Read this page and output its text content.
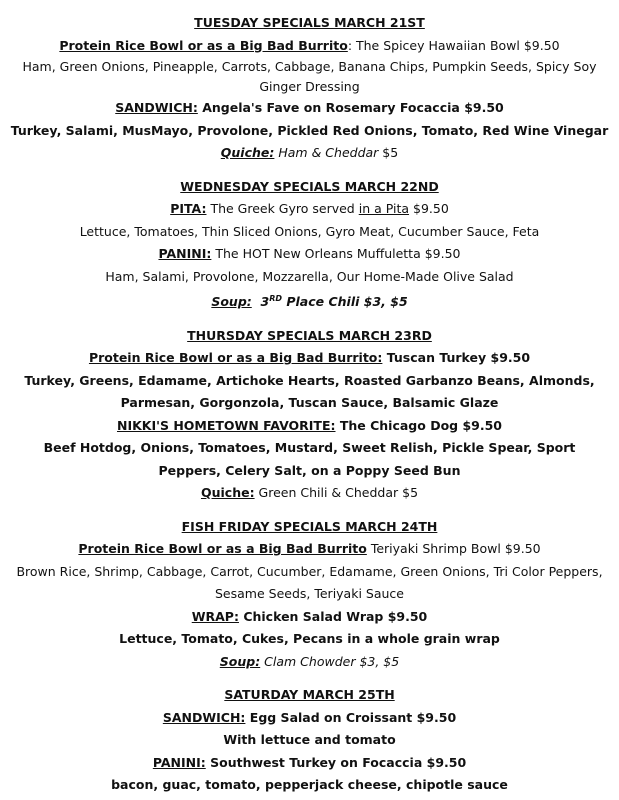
TUESDAY SPECIALS MARCH 21ST
Protein Rice Bowl or as a Big Bad Burrito: The Spicey Hawaiian Bowl $9.50
Ham, Green Onions, Pineapple, Carrots, Cabbage, Banana Chips, Pumpkin Seeds, Spicy Soy Ginger Dressing
SANDWICH: Angela's Fave on Rosemary Focaccia $9.50
Turkey, Salami, MusMayo, Provolone, Pickled Red Onions, Tomato, Red Wine Vinegar
Quiche: Ham & Cheddar $5
WEDNESDAY SPECIALS MARCH 22ND
PITA: The Greek Gyro served in a Pita $9.50
Lettuce, Tomatoes, Thin Sliced Onions, Gyro Meat, Cucumber Sauce, Feta
PANINI: The HOT New Orleans Muffuletta $9.50
Ham, Salami, Provolone, Mozzarella, Our Home-Made Olive Salad
Soup: 3RD Place Chili $3, $5
THURSDAY SPECIALS MARCH 23RD
Protein Rice Bowl or as a Big Bad Burrito: Tuscan Turkey $9.50
Turkey, Greens, Edamame, Artichoke Hearts, Roasted Garbanzo Beans, Almonds,
Parmesan, Gorgonzola, Tuscan Sauce, Balsamic Glaze
NIKKI'S HOMETOWN FAVORITE: The Chicago Dog $9.50
Beef Hotdog, Onions, Tomatoes, Mustard, Sweet Relish, Pickle Spear, Sport
Peppers, Celery Salt, on a Poppy Seed Bun
Quiche: Green Chili & Cheddar $5
FISH FRIDAY SPECIALS MARCH 24TH
Protein Rice Bowl or as a Big Bad Burrito Teriyaki Shrimp Bowl $9.50
Brown Rice, Shrimp, Cabbage, Carrot, Cucumber, Edamame, Green Onions, Tri Color Peppers,
Sesame Seeds, Teriyaki Sauce
WRAP: Chicken Salad Wrap $9.50
Lettuce, Tomato, Cukes, Pecans in a whole grain wrap
Soup: Clam Chowder $3, $5
SATURDAY MARCH 25TH
SANDWICH: Egg Salad on Croissant $9.50
With lettuce and tomato
PANINI: Southwest Turkey on Focaccia $9.50
bacon, guac, tomato, pepperjack cheese, chipotle sauce
